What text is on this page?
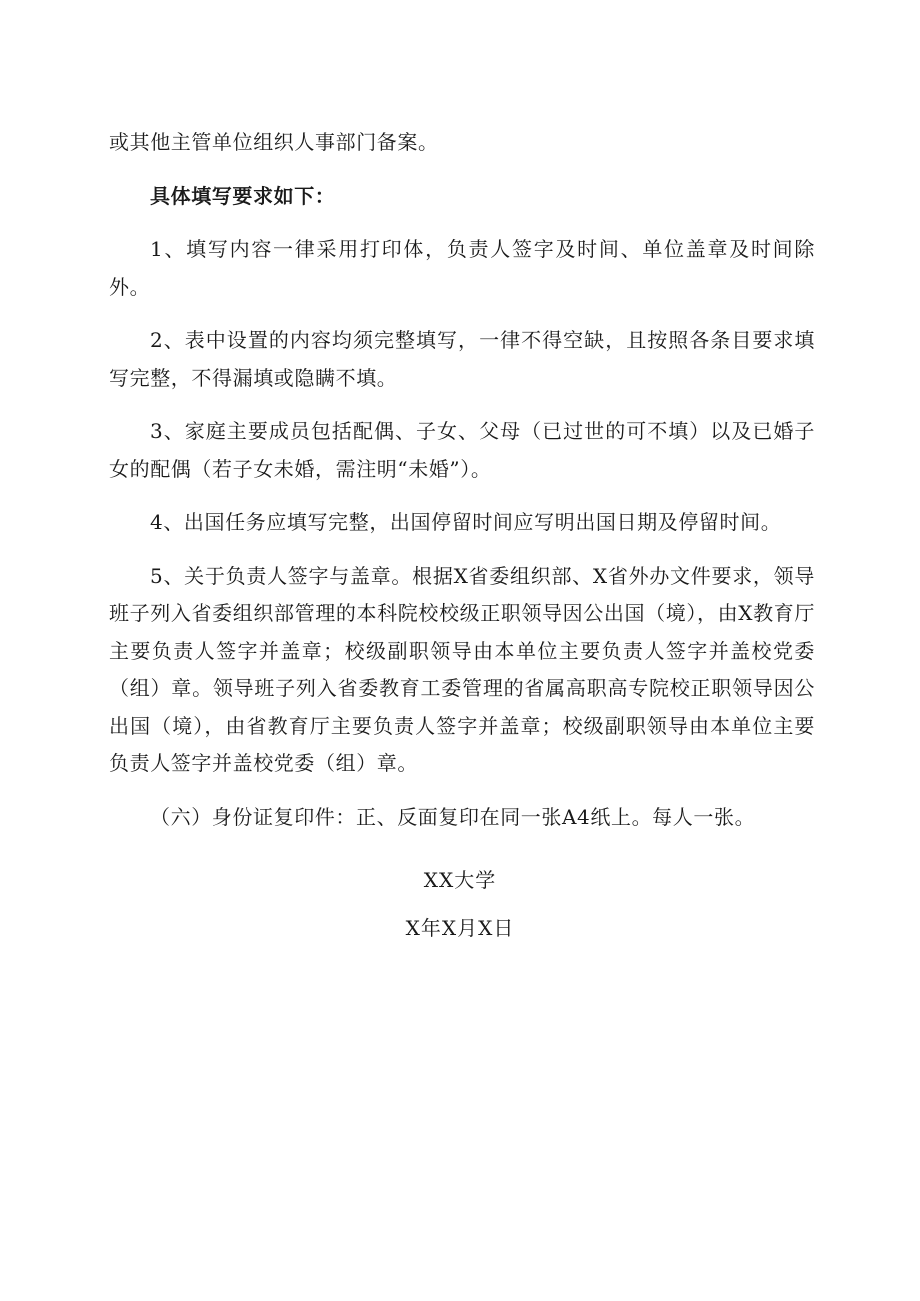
或其他主管单位组织人事部门备案。

具体填写要求如下：

1、填写内容一律采用打印体，负责人签字及时间、单位盖章及时间除外。

2、表中设置的内容均须完整填写，一律不得空缺，且按照各条目要求填写完整，不得漏填或隐瞒不填。

3、家庭主要成员包括配偶、子女、父母（已过世的可不填）以及已婚子女的配偶（若子女未婚，需注明“未婚”）。

4、出国任务应填写完整，出国停留时间应写明出国日期及停留时间。

5、关于负责人签字与盖章。根据X省委组织部、X省外办文件要求，领导班子列入省委组织部管理的本科院校校级正职领导因公出国（境），由X教育厅主要负责人签字并盖章；校级副职领导由本单位主要负责人签字并盖校党委（组）章。领导班子列入省委教育工委管理的省属高职高专院校正职领导因公出国（境），由省教育厅主要负责人签字并盖章；校级副职领导由本单位主要负责人签字并盖校党委（组）章。

（六）身份证复印件：正、反面复印在同一张A4纸上。每人一张。

XX大学
X年X月X日
